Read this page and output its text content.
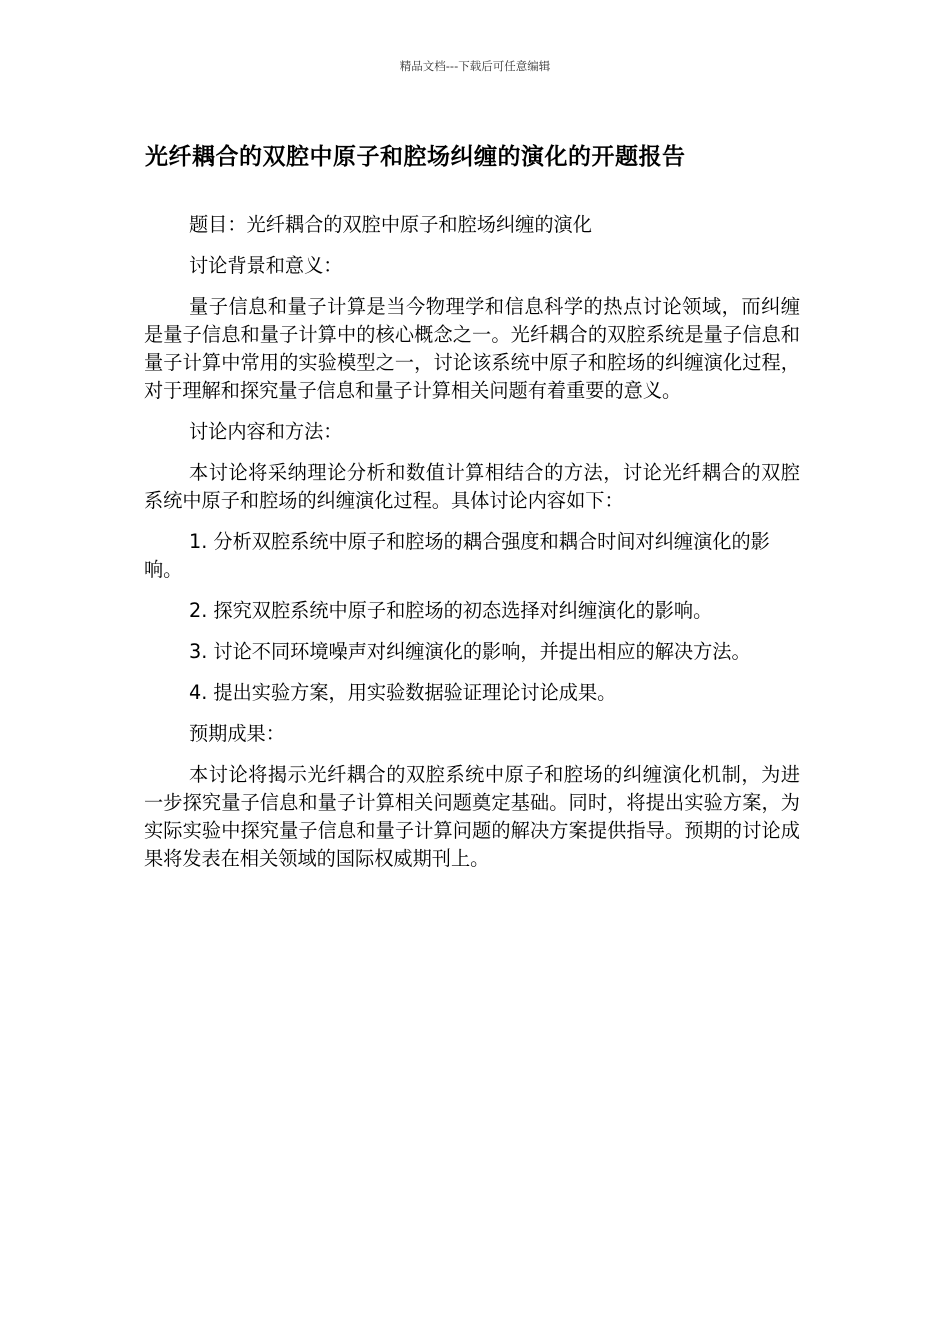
精品文档---下载后可任意编辑
光纤耦合的双腔中原子和腔场纠缠的演化的开题报告

题目：光纤耦合的双腔中原子和腔场纠缠的演化

讨论背景和意义：

量子信息和量子计算是当今物理学和信息科学的热点讨论领域，而纠缠是量子信息和量子计算中的核心概念之一。光纤耦合的双腔系统是量子信息和量子计算中常用的实验模型之一，讨论该系统中原子和腔场的纠缠演化过程，对于理解和探究量子信息和量子计算相关问题有着重要的意义。

讨论内容和方法：

本讨论将采纳理论分析和数值计算相结合的方法，讨论光纤耦合的双腔系统中原子和腔场的纠缠演化过程。具体讨论内容如下：

1. 分析双腔系统中原子和腔场的耦合强度和耦合时间对纠缠演化的影响。

2. 探究双腔系统中原子和腔场的初态选择对纠缠演化的影响。

3. 讨论不同环境噪声对纠缠演化的影响，并提出相应的解决方法。

4. 提出实验方案，用实验数据验证理论讨论成果。

预期成果：

本讨论将揭示光纤耦合的双腔系统中原子和腔场的纠缠演化机制，为进一步探究量子信息和量子计算相关问题奠定基础。同时，将提出实验方案，为实际实验中探究量子信息和量子计算问题的解决方案提供指导。预期的讨论成果将发表在相关领域的国际权威期刊上。
